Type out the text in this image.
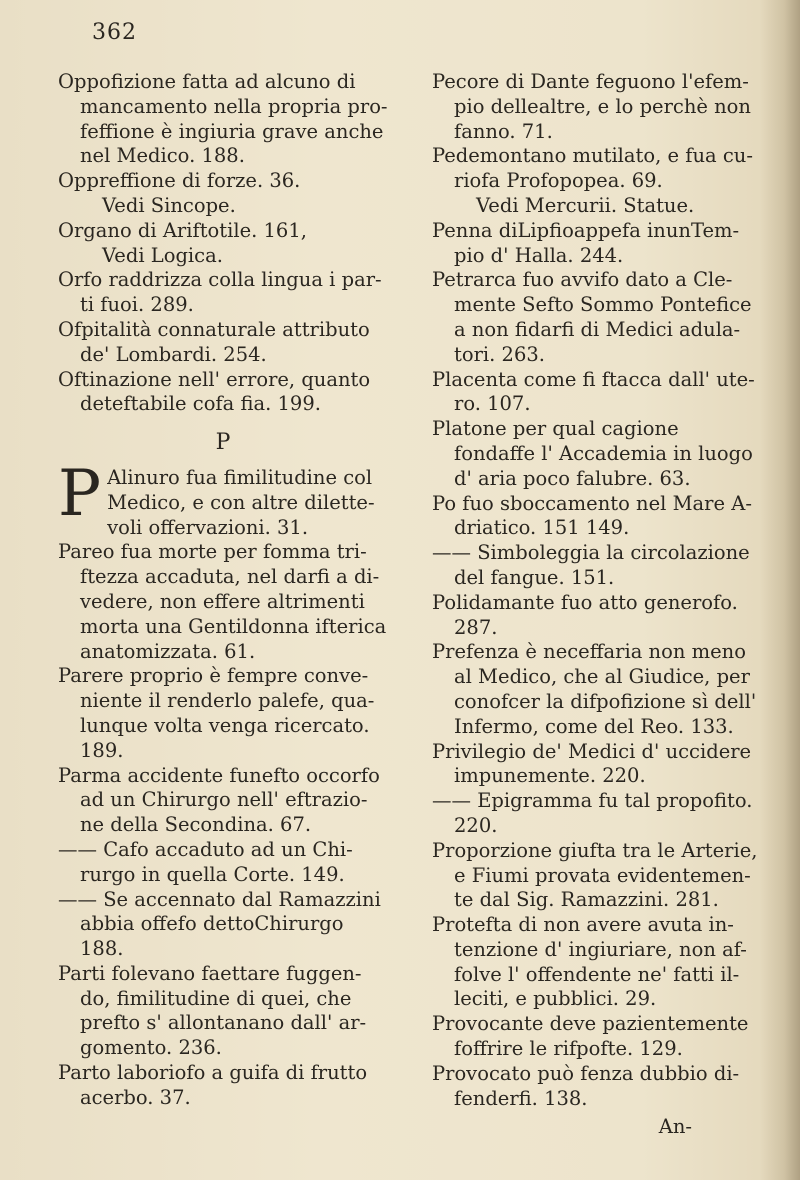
362
Oppofizione fatta ad alcuno di mancamento nella propria pro-feffione è ingiuria grave anche nel Medico. 188.
Oppreffione di forze. 36.
Vedi Sincope.
Organo di Ariftotile. 161,
Vedi Logica.
Orfo raddrizza colla lingua i par-ti fuoi. 289.
Ofpitalità connaturale attributo de' Lombardi. 254.
Oftinazione nell' errore, quanto deteftabile cofa fia. 199.
P
P Alinuro fua fimilitudine col Medico, e con altre dilette-voli offervazioni. 31.
Pareo fua morte per fomma tri-ftezza accaduta, nel darfi a di-vedere, non effere altrimenti morta una Gentildonna ifterica anatomizzata. 61.
Parere proprio è fempre conve-niente il renderlo palefe, qua-lunque volta venga ricercato. 189.
Parma accidente funefto occorfo ad un Chirurgo nell' eftrazio-ne della Secondina. 67.
—— Cafo accaduto ad un Chi-rurgo in quella Corte. 149.
—— Se accennato dal Ramazzini abbia offefo dettoChirurgo 188.
Parti folevano faettare fuggen-do, fimilitudine di quei, che prefto s' allontanano dall' ar-gomento. 236.
Parto laboriofo a guifa di frutto acerbo. 37.
Pecore di Dante feguono l'efem-pio dellealtre, e lo perchè non fanno. 71.
Pedemontano mutilato, e fua cu-riofa Profopopea. 69.
Vedi Mercurii. Statue.
Penna diLipfioappefa inunTem-pio d' Halla. 244.
Petrarca fuo avvifo dato a Cle-mente Sefto Sommo Pontefice a non fidarfi di Medici adula-tori. 263.
Placenta come fi ftacca dall' ute-ro. 107.
Platone per qual cagione fondaffe l' Accademia in luogo d' aria poco falubre. 63.
Po fuo sboccamento nel Mare A-driatico. 151 149.
—— Simboleggia la circolazione del fangue. 151.
Polidamante fuo atto generofo. 287.
Prefenza è neceffaria non meno al Medico, che al Giudice, per conofcer la difpofizione sì dell' Infermo, come del Reo. 133.
Privilegio de' Medici d' uccidere impunemente. 220.
—— Epigramma fu tal propofito. 220.
Proporzione giufta tra le Arterie, e Fiumi provata evidentemen-te dal Sig. Ramazzini. 281.
Protefta di non avere avuta in-tenzione d' ingiuriare, non af-folve l' offendente ne' fatti il-leciti, e pubblici. 29.
Provocante deve pazientemente foffrire le rifpofte. 129.
Provocato può fenza dubbio di-fenderfi. 138.
An-
